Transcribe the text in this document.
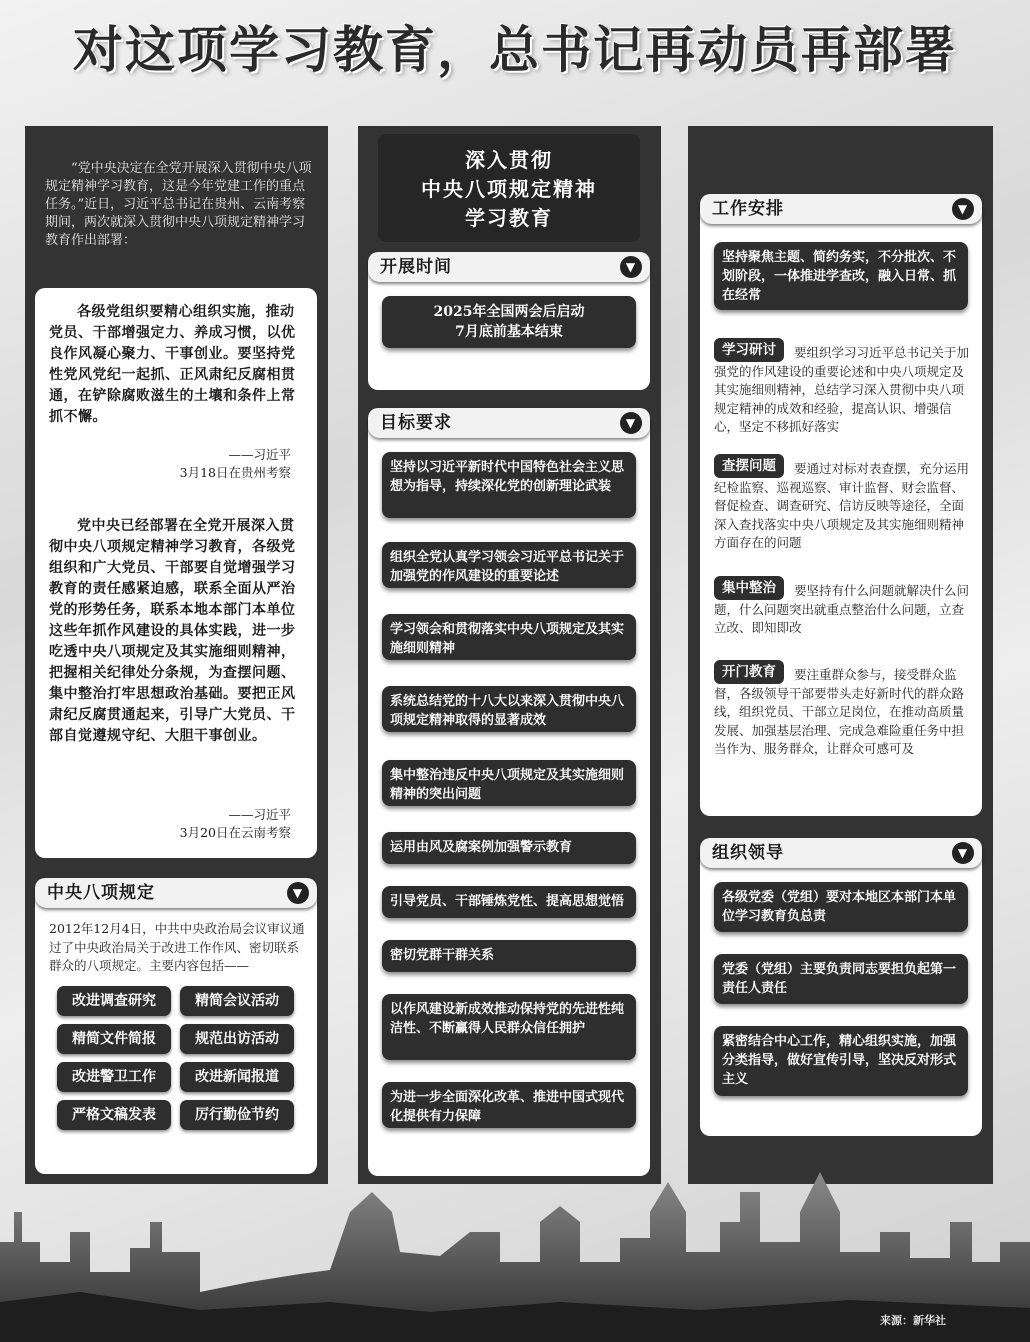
对这项学习教育，总书记再动员再部署
“党中央决定在全党开展深入贯彻中央八项规定精神学习教育，这是今年党建工作的重点任务。”近日，习近平总书记在贵州、云南考察期间，两次就深入贯彻中央八项规定精神学习教育作出部署：
各级党组织要精心组织实施，推动党员、干部增强定力、养成习惯，以优良作风凝心聚力、干事创业。要坚持党性党风党纪一起抓、正风肃纪反腐相贯通，在铲除腐败滋生的土壤和条件上常抓不懈。
——习近平
3月18日在贵州考察
党中央已经部署在全党开展深入贯彻中央八项规定精神学习教育，各级党组织和广大党员、干部要自觉增强学习教育的责任感紧迫感，联系全面从严治党的形势任务，联系本地本部门本单位这些年抓作风建设的具体实践，进一步吃透中央八项规定及其实施细则精神，把握相关纪律处分条规，为查摆问题、集中整治打牢思想政治基础。要把正风肃纪反腐贯通起来，引导广大党员、干部自觉遵规守纪、大胆干事创业。
——习近平
3月20日在云南考察
中央八项规定	▼
2012年12月4日，中共中央政治局会议审议通过了中央政治局关于改进工作作风、密切联系群众的八项规定。主要内容包括——
改进调查研究	精简会议活动
精简文件简报	规范出访活动
改进警卫工作	改进新闻报道
严格文稿发表	厉行勤俭节约
深入贯彻
中央八项规定精神
学习教育
开展时间	▼
2025年全国两会后启动
7月底前基本结束
目标要求	▼
坚持以习近平新时代中国特色社会主义思想为指导，持续深化党的创新理论武装
组织全党认真学习领会习近平总书记关于加强党的作风建设的重要论述
学习领会和贯彻落实中央八项规定及其实施细则精神
系统总结党的十八大以来深入贯彻中央八项规定精神取得的显著成效
集中整治违反中央八项规定及其实施细则精神的突出问题
运用由风及腐案例加强警示教育
引导党员、干部锤炼党性、提高思想觉悟
密切党群干群关系
以作风建设新成效推动保持党的先进性纯洁性、不断赢得人民群众信任拥护
为进一步全面深化改革、推进中国式现代化提供有力保障
工作安排	▼
坚持聚焦主题、简约务实，不分批次、不划阶段，一体推进学查改，融入日常、抓在经常
学习研讨	要组织学习习近平总书记关于加强党的作风建设的重要论述和中央八项规定及其实施细则精神，总结学习深入贯彻中央八项规定精神的成效和经验，提高认识、增强信心，坚定不移抓好落实
查摆问题	要通过对标对表查摆，充分运用纪检监察、巡视巡察、审计监督、财会监督、督促检查、调查研究、信访反映等途径，全面深入查找落实中央八项规定及其实施细则精神方面存在的问题
集中整治	要坚持有什么问题就解决什么问题，什么问题突出就重点整治什么问题，立查立改、即知即改
开门教育	要注重群众参与，接受群众监督，各级领导干部要带头走好新时代的群众路线，组织党员、干部立足岗位，在推动高质量发展、加强基层治理、完成急难险重任务中担当作为、服务群众，让群众可感可及
组织领导	▼
各级党委（党组）要对本地区本部门本单位学习教育负总责
党委（党组）主要负责同志要担负起第一责任人责任
紧密结合中心工作，精心组织实施，加强分类指导，做好宣传引导，坚决反对形式主义
来源：新华社
